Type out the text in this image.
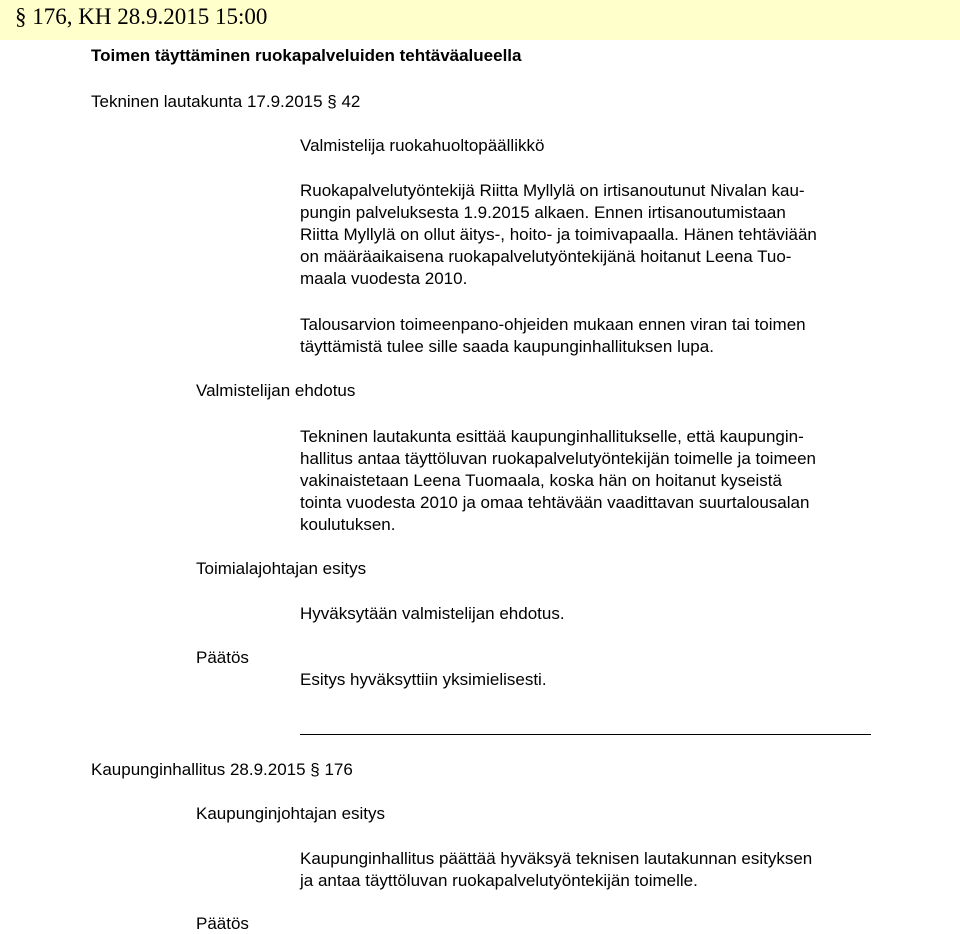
§ 176, KH 28.9.2015 15:00
Toimen täyttäminen ruokapalveluiden tehtäväalueella
Tekninen lautakunta 17.9.2015 § 42
Valmistelija ruokahuoltopäällikkö
Ruokapalvelutyöntekijä Riitta Myllylä on irtisanoutunut Nivalan kau-
pungin palveluksesta 1.9.2015 alkaen. Ennen irtisanoutumistaan
Riitta Myllylä on ollut äitys-, hoito- ja toimivapaalla. Hänen tehtäviään
on määräaikaisena ruokapalvelutyöntekijänä hoitanut Leena Tuo-
maala vuodesta 2010.
Talousarvion toimeenpano-ohjeiden mukaan ennen viran tai toimen
täyttämistä tulee sille saada kaupunginhallituksen lupa.
Valmistelijan ehdotus
Tekninen lautakunta esittää kaupunginhallitukselle, että kaupungin-
hallitus antaa täyttöluvan ruokapalvelutyöntekijän toimelle ja toimeen
vakinaistetaan Leena Tuomaala, koska hän on hoitanut kyseistä
tointa vuodesta 2010 ja omaa tehtävään vaadittavan suurtalousalan
koulutuksen.
Toimialajohtajan esitys
Hyväksytään valmistelijan ehdotus.
Päätös
Esitys hyväksyttiin yksimielisesti.
Kaupunginhallitus 28.9.2015 § 176
Kaupunginjohtajan esitys
Kaupunginhallitus päättää hyväksyä teknisen lautakunnan esityksen
ja antaa täyttöluvan ruokapalvelutyöntekijän toimelle.
Päätös
